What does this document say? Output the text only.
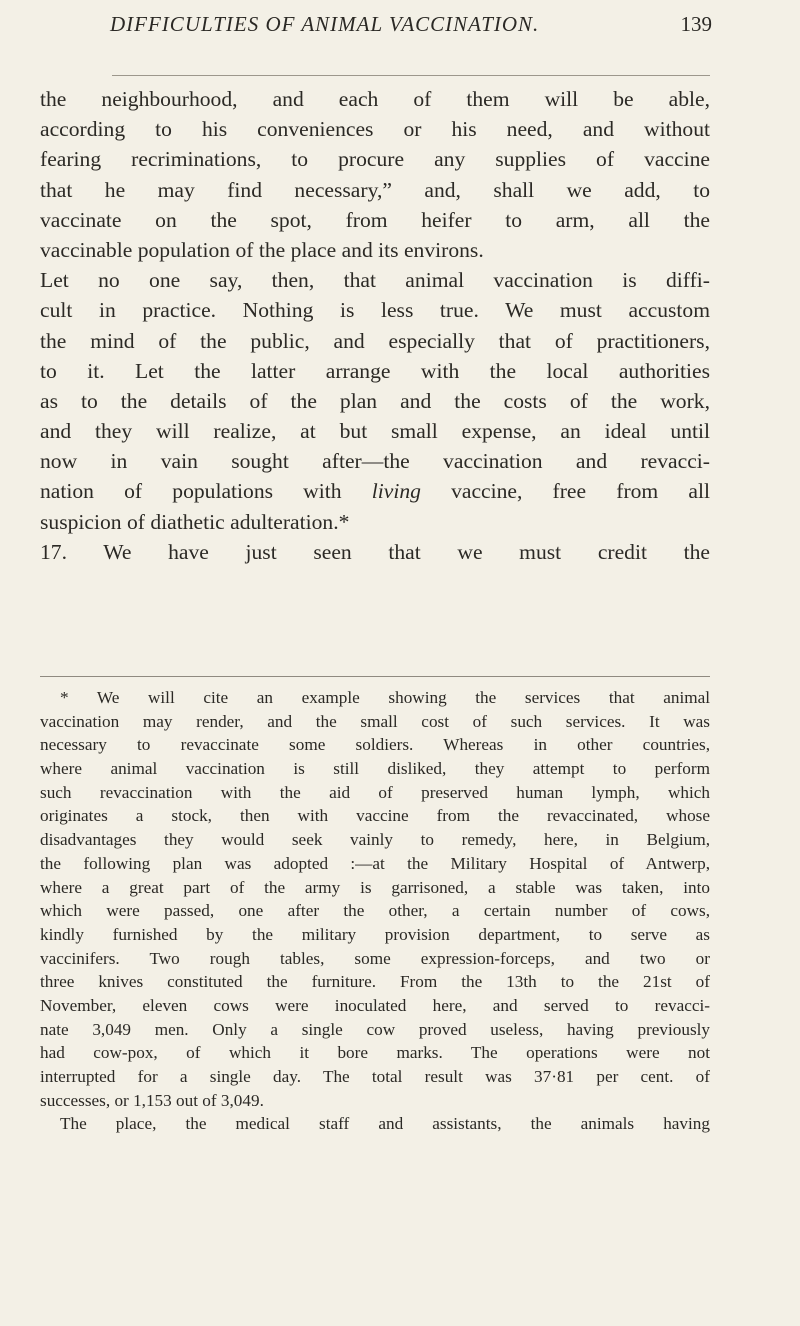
DIFFICULTIES OF ANIMAL VACCINATION.	139
the neighbourhood, and each of them will be able,
according to his conveniences or his need, and without
fearing recriminations, to procure any supplies of vaccine
that he may find necessary,” and, shall we add, to
vaccinate on the spot, from heifer to arm, all the
vaccinable population of the place and its environs.
Let no one say, then, that animal vaccination is diffi-
cult in practice. Nothing is less true. We must accustom
the mind of the public, and especially that of practitioners,
to it. Let the latter arrange with the local authorities
as to the details of the plan and the costs of the work,
and they will realize, at but small expense, an ideal until
now in vain sought after—the vaccination and revacci-
nation of populations with living vaccine, free from all
suspicion of diathetic adulteration.*
17. We have just seen that we must credit the
* We will cite an example showing the services that animal
vaccination may render, and the small cost of such services. It was
necessary to revaccinate some soldiers. Whereas in other countries,
where animal vaccination is still disliked, they attempt to perform
such revaccination with the aid of preserved human lymph, which
originates a stock, then with vaccine from the revaccinated, whose
disadvantages they would seek vainly to remedy, here, in Belgium,
the following plan was adopted :—at the Military Hospital of Antwerp,
where a great part of the army is garrisoned, a stable was taken, into
which were passed, one after the other, a certain number of cows,
kindly furnished by the military provision department, to serve as
vaccinifers. Two rough tables, some expression-forceps, and two or
three knives constituted the furniture. From the 13th to the 21st of
November, eleven cows were inoculated here, and served to revacci-
nate 3,049 men. Only a single cow proved useless, having previously
had cow-pox, of which it bore marks. The operations were not
interrupted for a single day. The total result was 37·81 per cent. of
successes, or 1,153 out of 3,049.
The place, the medical staff and assistants, the animals having
